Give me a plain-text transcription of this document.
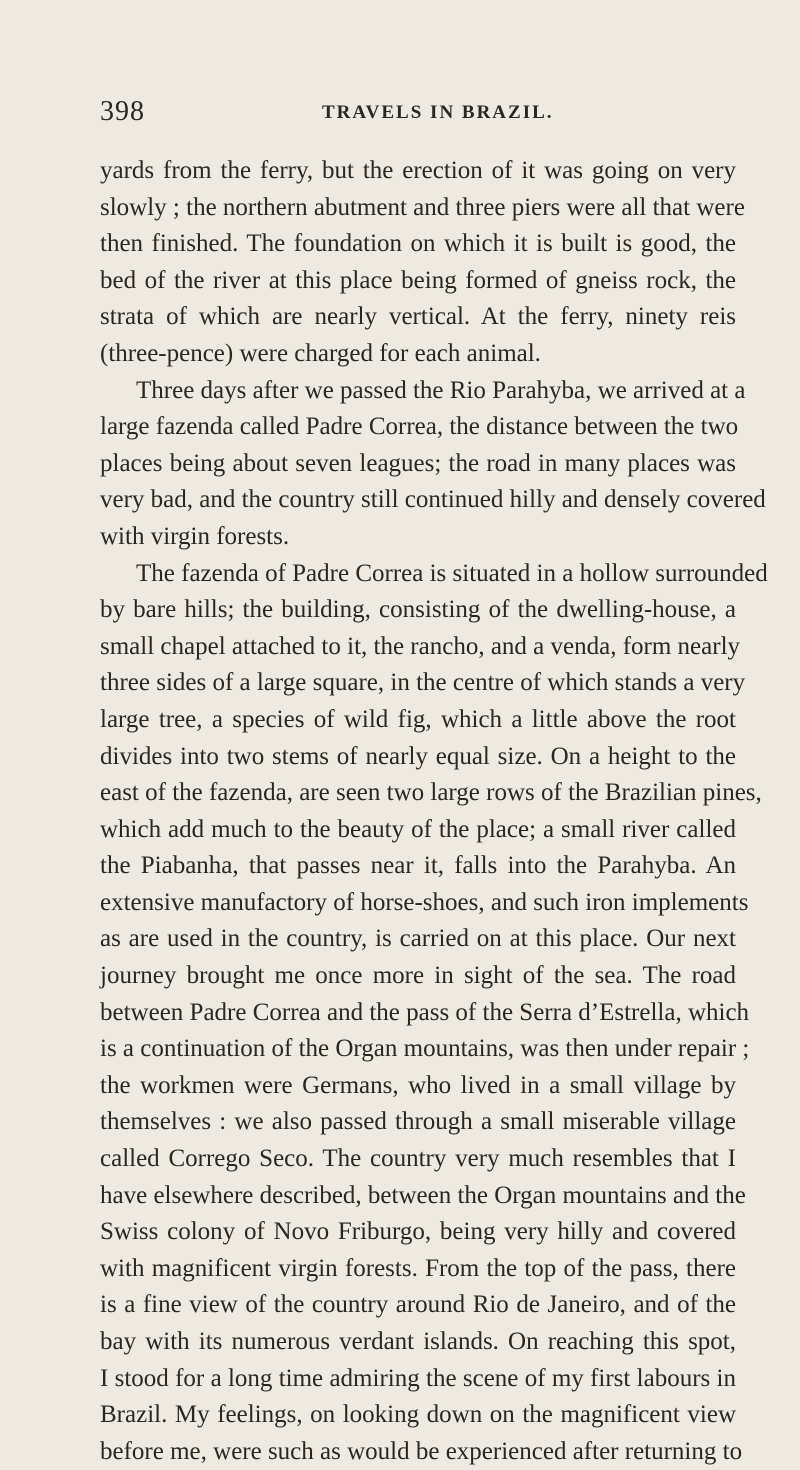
398	TRAVELS IN BRAZIL.
yards from the ferry, but the erection of it was going on very
slowly ; the northern abutment and three piers were all that were
then finished. The foundation on which it is built is good, the
bed of the river at this place being formed of gneiss rock, the
strata of which are nearly vertical. At the ferry, ninety reis
(three-pence) were charged for each animal.
Three days after we passed the Rio Parahyba, we arrived at a
large fazenda called Padre Correa, the distance between the two
places being about seven leagues; the road in many places was
very bad, and the country still continued hilly and densely covered
with virgin forests.
The fazenda of Padre Correa is situated in a hollow surrounded
by bare hills; the building, consisting of the dwelling-house, a
small chapel attached to it, the rancho, and a venda, form nearly
three sides of a large square, in the centre of which stands a very
large tree, a species of wild fig, which a little above the root
divides into two stems of nearly equal size. On a height to the
east of the fazenda, are seen two large rows of the Brazilian pines,
which add much to the beauty of the place; a small river called
the Piabanha, that passes near it, falls into the Parahyba. An
extensive manufactory of horse-shoes, and such iron implements
as are used in the country, is carried on at this place. Our next
journey brought me once more in sight of the sea. The road
between Padre Correa and the pass of the Serra d’Estrella, which
is a continuation of the Organ mountains, was then under repair ;
the workmen were Germans, who lived in a small village by
themselves : we also passed through a small miserable village
called Corrego Seco. The country very much resembles that I
have elsewhere described, between the Organ mountains and the
Swiss colony of Novo Friburgo, being very hilly and covered
with magnificent virgin forests. From the top of the pass, there
is a fine view of the country around Rio de Janeiro, and of the
bay with its numerous verdant islands. On reaching this spot,
I stood for a long time admiring the scene of my first labours in
Brazil. My feelings, on looking down on the magnificent view
before me, were such as would be experienced after returning to
